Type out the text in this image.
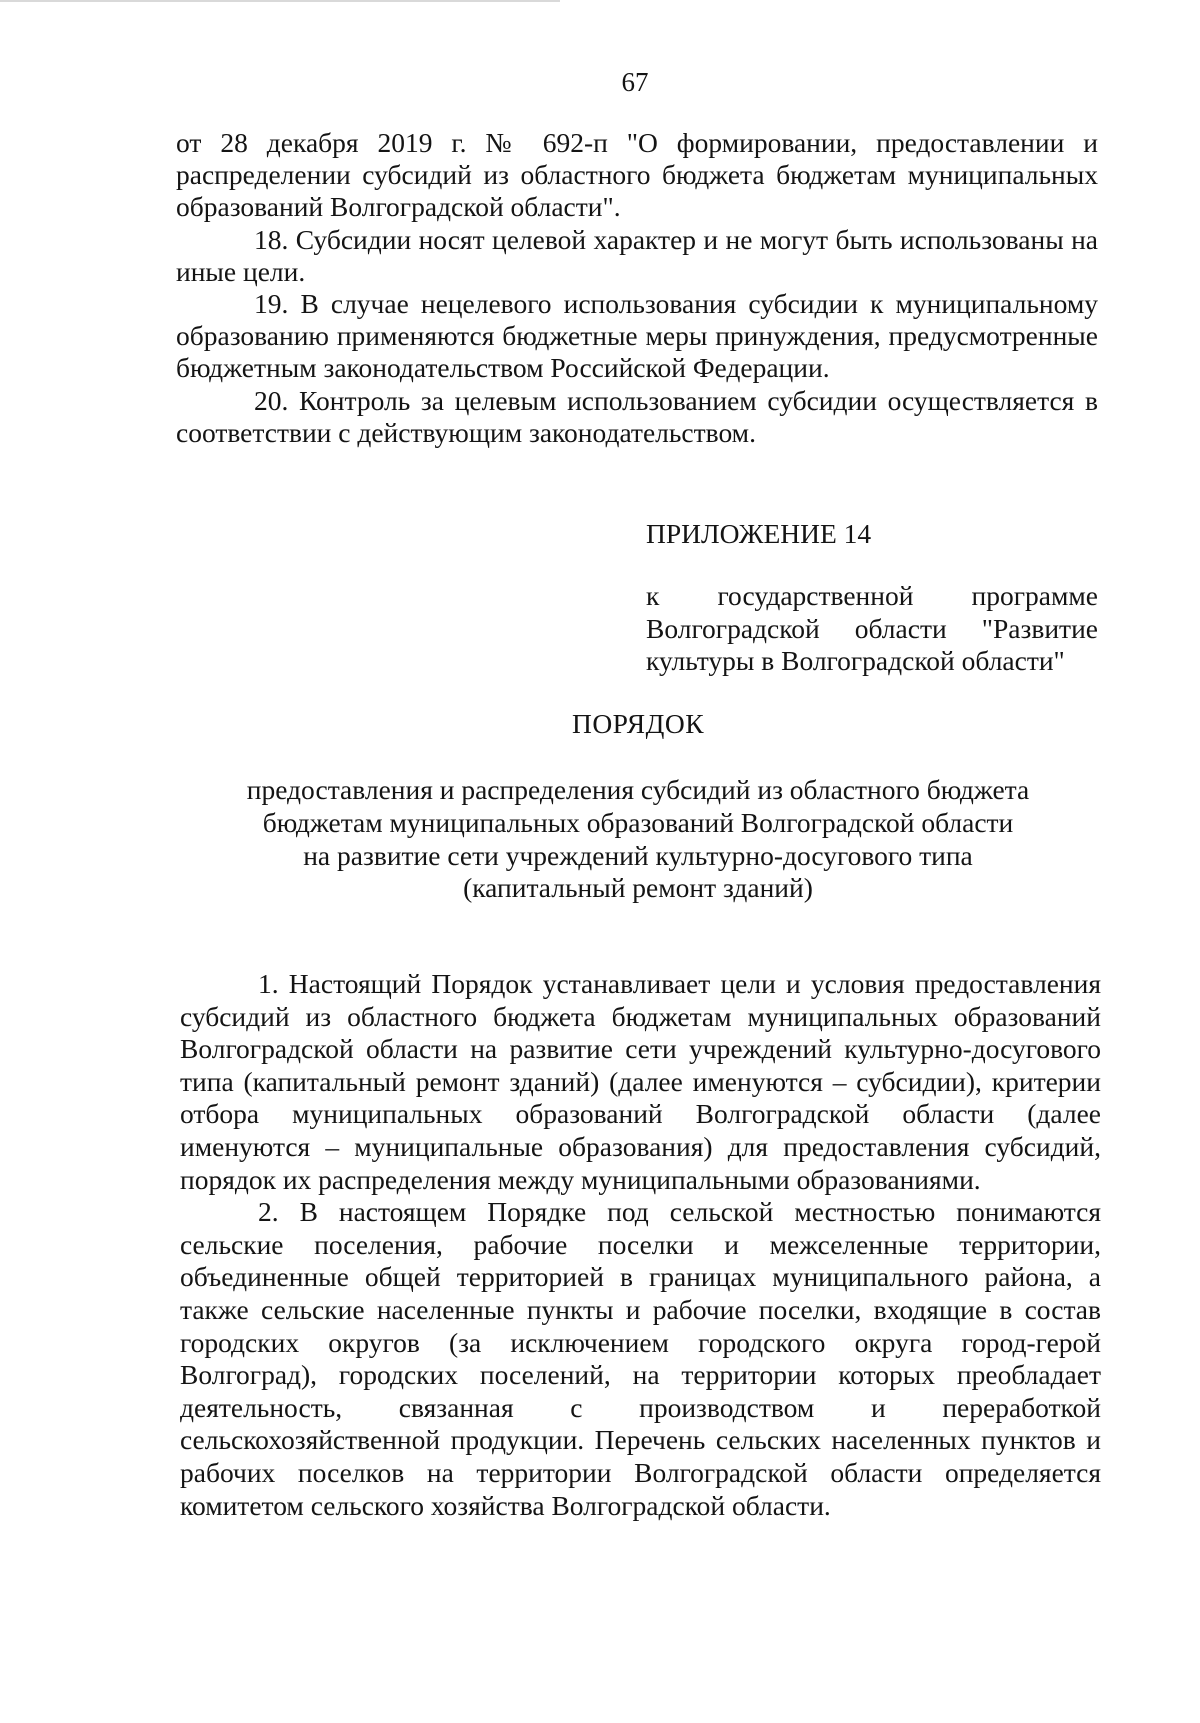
67

от 28 декабря 2019 г. № 692-п "О формировании, предоставлении и распределении субсидий из областного бюджета бюджетам муниципальных образований Волгоградской области".

18. Субсидии носят целевой характер и не могут быть использованы на иные цели.

19. В случае нецелевого использования субсидии к муниципальному образованию применяются бюджетные меры принуждения, предусмотренные бюджетным законодательством Российской Федерации.

20. Контроль за целевым использованием субсидии осуществляется в соответствии с действующим законодательством.

ПРИЛОЖЕНИЕ 14
к государственной программе Волгоградской области "Развитие культуры в Волгоградской области"
ПОРЯДОК
предоставления и распределения субсидий из областного бюджета
бюджетам муниципальных образований Волгоградской области
на развитие сети учреждений культурно-досугового типа
(капитальный ремонт зданий)

1. Настоящий Порядок устанавливает цели и условия предоставления субсидий из областного бюджета бюджетам муниципальных образований Волгоградской области на развитие сети учреждений культурно-досугового типа (капитальный ремонт зданий) (далее именуются – субсидии), критерии отбора муниципальных образований Волгоградской области (далее именуются – муниципальные образования) для предоставления субсидий, порядок их распределения между муниципальными образованиями.

2. В настоящем Порядке под сельской местностью понимаются сельские поселения, рабочие поселки и межселенные территории, объединенные общей территорией в границах муниципального района, а также сельские населенные пункты и рабочие поселки, входящие в состав городских округов (за исключением городского округа город-герой Волгоград), городских поселений, на территории которых преобладает деятельность, связанная с производством и переработкой сельскохозяйственной продукции. Перечень сельских населенных пунктов и рабочих поселков на территории Волгоградской области определяется комитетом сельского хозяйства Волгоградской области.
